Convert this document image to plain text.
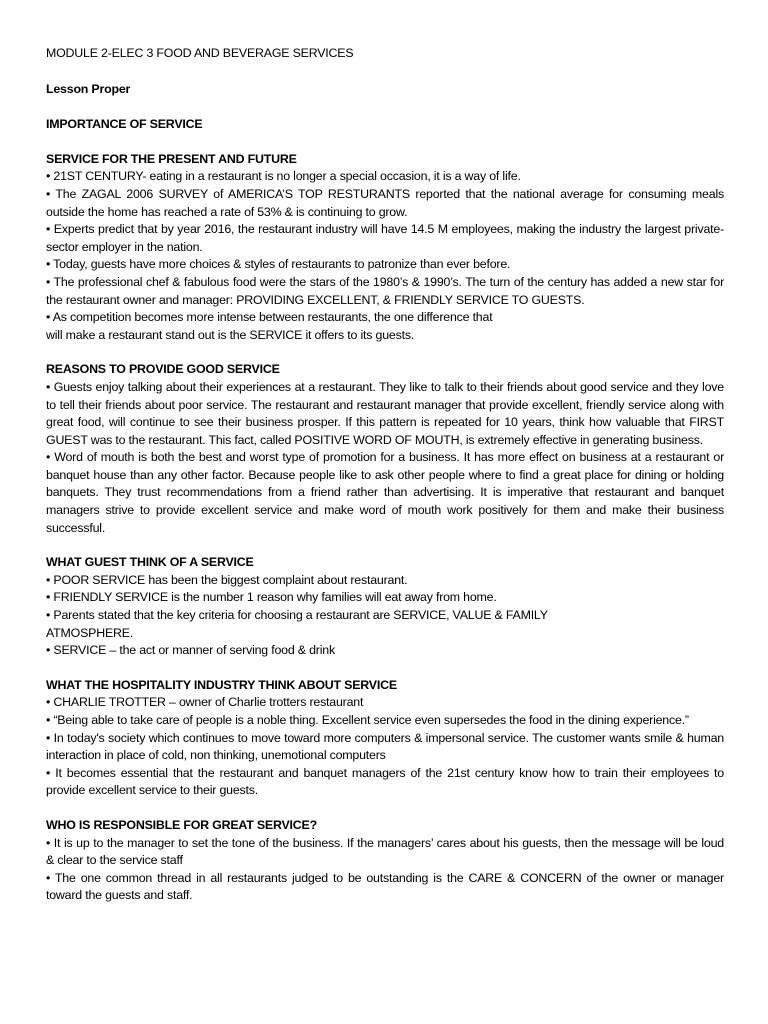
MODULE 2-ELEC 3 FOOD AND BEVERAGE SERVICES
Lesson Proper
IMPORTANCE OF SERVICE
SERVICE FOR THE PRESENT AND FUTURE
• 21ST CENTURY- eating in a restaurant is no longer a special occasion, it is a way of life.
• The ZAGAL 2006 SURVEY of AMERICA’S TOP RESTURANTS reported that the national average for consuming meals outside the home has reached a rate of 53% & is continuing to grow.
• Experts predict that by year 2016, the restaurant industry will have 14.5 M employees, making the industry the largest private-sector employer in the nation.
• Today, guests have more choices & styles of restaurants to patronize than ever before.
• The professional chef & fabulous food were the stars of the 1980’s & 1990’s. The turn of the century has added a new star for the restaurant owner and manager: PROVIDING EXCELLENT, & FRIENDLY SERVICE TO GUESTS.
• As competition becomes more intense between restaurants, the one difference that
will make a restaurant stand out is the SERVICE it offers to its guests.
REASONS TO PROVIDE GOOD SERVICE
• Guests enjoy talking about their experiences at a restaurant. They like to talk to their friends about good service and they love to tell their friends about poor service. The restaurant and restaurant manager that provide excellent, friendly service along with great food, will continue to see their business prosper. If this pattern is repeated for 10 years, think how valuable that FIRST GUEST was to the restaurant. This fact, called POSITIVE WORD OF MOUTH, is extremely effective in generating business.
• Word of mouth is both the best and worst type of promotion for a business. It has more effect on business at a restaurant or banquet house than any other factor. Because people like to ask other people where to find a great place for dining or holding banquets. They trust recommendations from a friend rather than advertising. It is imperative that restaurant and banquet managers strive to provide excellent service and make word of mouth work positively for them and make their business successful.
WHAT GUEST THINK OF A SERVICE
• POOR SERVICE has been the biggest complaint about restaurant.
• FRIENDLY SERVICE is the number 1 reason why families will eat away from home.
• Parents stated that the key criteria for choosing a restaurant are SERVICE, VALUE & FAMILY
ATMOSPHERE.
• SERVICE – the act or manner of serving food & drink
WHAT THE HOSPITALITY INDUSTRY THINK ABOUT SERVICE
• CHARLIE TROTTER – owner of Charlie trotters restaurant
• “Being able to take care of people is a noble thing. Excellent service even supersedes the food in the dining experience.”
• In today's society which continues to move toward more computers & impersonal service. The customer wants smile & human interaction in place of cold, non thinking, unemotional computers
• It becomes essential that the restaurant and banquet managers of the 21st century know how to train their employees to provide excellent service to their guests.
WHO IS RESPONSIBLE FOR GREAT SERVICE?
• It is up to the manager to set the tone of the business. If the managers’ cares about his guests, then the message will be loud & clear to the service staff
• The one common thread in all restaurants judged to be outstanding is the CARE & CONCERN of the owner or manager toward the guests and staff.
